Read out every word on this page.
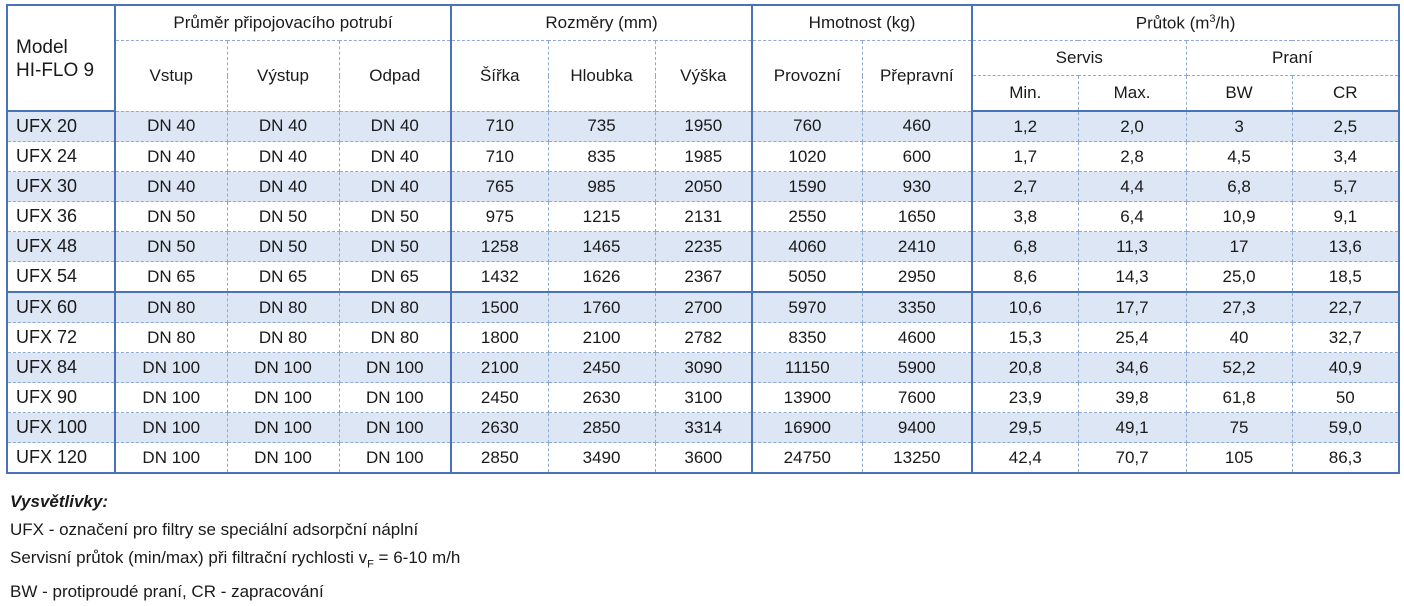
Model
HI-FLO 9	Průměr připojovacího potrubí			Rozměry (mm)			Hmotnost (kg)		Průtok $(m^3/h)$			
	Vstup	Výstup	Odpad	Šířka	Hloubka	Výška	Provozní	Přepravní	Servis		Praní	
									Min.	Max.	BW	CR
UFX 20	DN 40	DN 40	DN 40	710	735	1950	760	460	1,2	2,0	3	2,5
UFX 24	DN 40	DN 40	DN 40	710	835	1985	1020	600	1,7	2,8	4,5	3,4
UFX 30	DN 40	DN 40	DN 40	765	985	2050	1590	930	2,7	4,4	6,8	5,7
UFX 36	DN 50	DN 50	DN 50	975	1215	2131	2550	1650	3,8	6,4	10,9	9,1
UFX 48	DN 50	DN 50	DN 50	1258	1465	2235	4060	2410	6,8	11,3	17	13,6
UFX 54	DN 65	DN 65	DN 65	1432	1626	2367	5050	2950	8,6	14,3	25,0	18,5
UFX 60	DN 80	DN 80	DN 80	1500	1760	2700	5970	3350	10,6	17,7	27,3	22,7
UFX 72	DN 80	DN 80	DN 80	1800	2100	2782	8350	4600	15,3	25,4	40	32,7
UFX 84	DN 100	DN 100	DN 100	2100	2450	3090	11150	5900	20,8	34,6	52,2	40,9
UFX 90	DN 100	DN 100	DN 100	2450	2630	3100	13900	7600	23,9	39,8	61,8	50
UFX 100	DN 100	DN 100	DN 100	2630	2850	3314	16900	9400	29,5	49,1	75	59,0
UFX 120	DN 100	DN 100	DN 100	2850	3490	3600	24750	13250	42,4	70,7	105	86,3
Vysvětlivky:
UFX - označení pro filtry se speciální adsorpční náplní
Servisní průtok (min/max) při filtrační rychlosti $v_F = 6-10$ m/h
BW - protiproudé praní, CR - zapracování
